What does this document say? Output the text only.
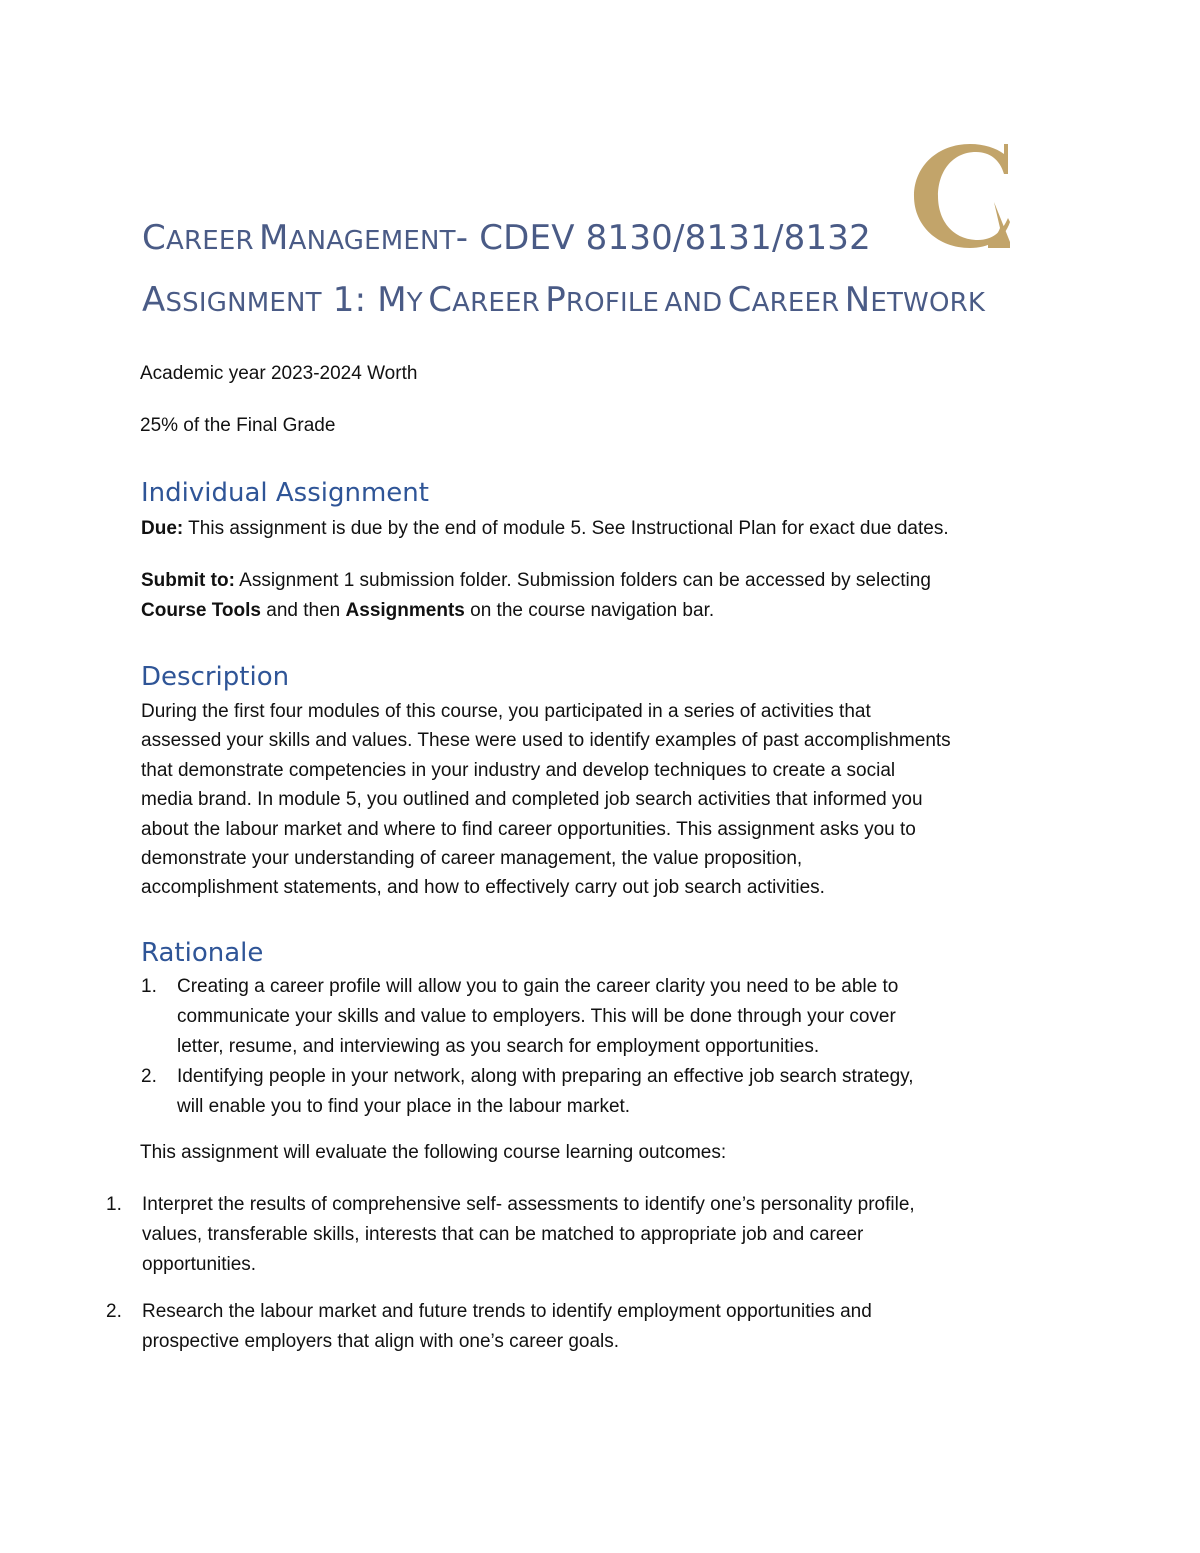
CAREER MANAGEMENT- CDEV 8130/8131/8132
ASSIGNMENT 1: MY CAREER PROFILE AND CAREER NETWORK
Academic year 2023-2024 Worth
25% of the Final Grade
Individual Assignment
Due: This assignment is due by the end of module 5. See Instructional Plan for exact due dates.
Submit to: Assignment 1 submission folder. Submission folders can be accessed by selecting
Course Tools and then Assignments on the course navigation bar.
Description
During the first four modules of this course, you participated in a series of activities that
assessed your skills and values. These were used to identify examples of past accomplishments
that demonstrate competencies in your industry and develop techniques to create a social
media brand. In module 5, you outlined and completed job search activities that informed you
about the labour market and where to find career opportunities. This assignment asks you to
demonstrate your understanding of career management, the value proposition,
accomplishment statements, and how to effectively carry out job search activities.
Rationale
1. Creating a career profile will allow you to gain the career clarity you need to be able to
communicate your skills and value to employers. This will be done through your cover
letter, resume, and interviewing as you search for employment opportunities.
2. Identifying people in your network, along with preparing an effective job search strategy,
will enable you to find your place in the labour market.
This assignment will evaluate the following course learning outcomes:
1. Interpret the results of comprehensive self- assessments to identify one’s personality profile,
values, transferable skills, interests that can be matched to appropriate job and career
opportunities.
2. Research the labour market and future trends to identify employment opportunities and
prospective employers that align with one’s career goals.
